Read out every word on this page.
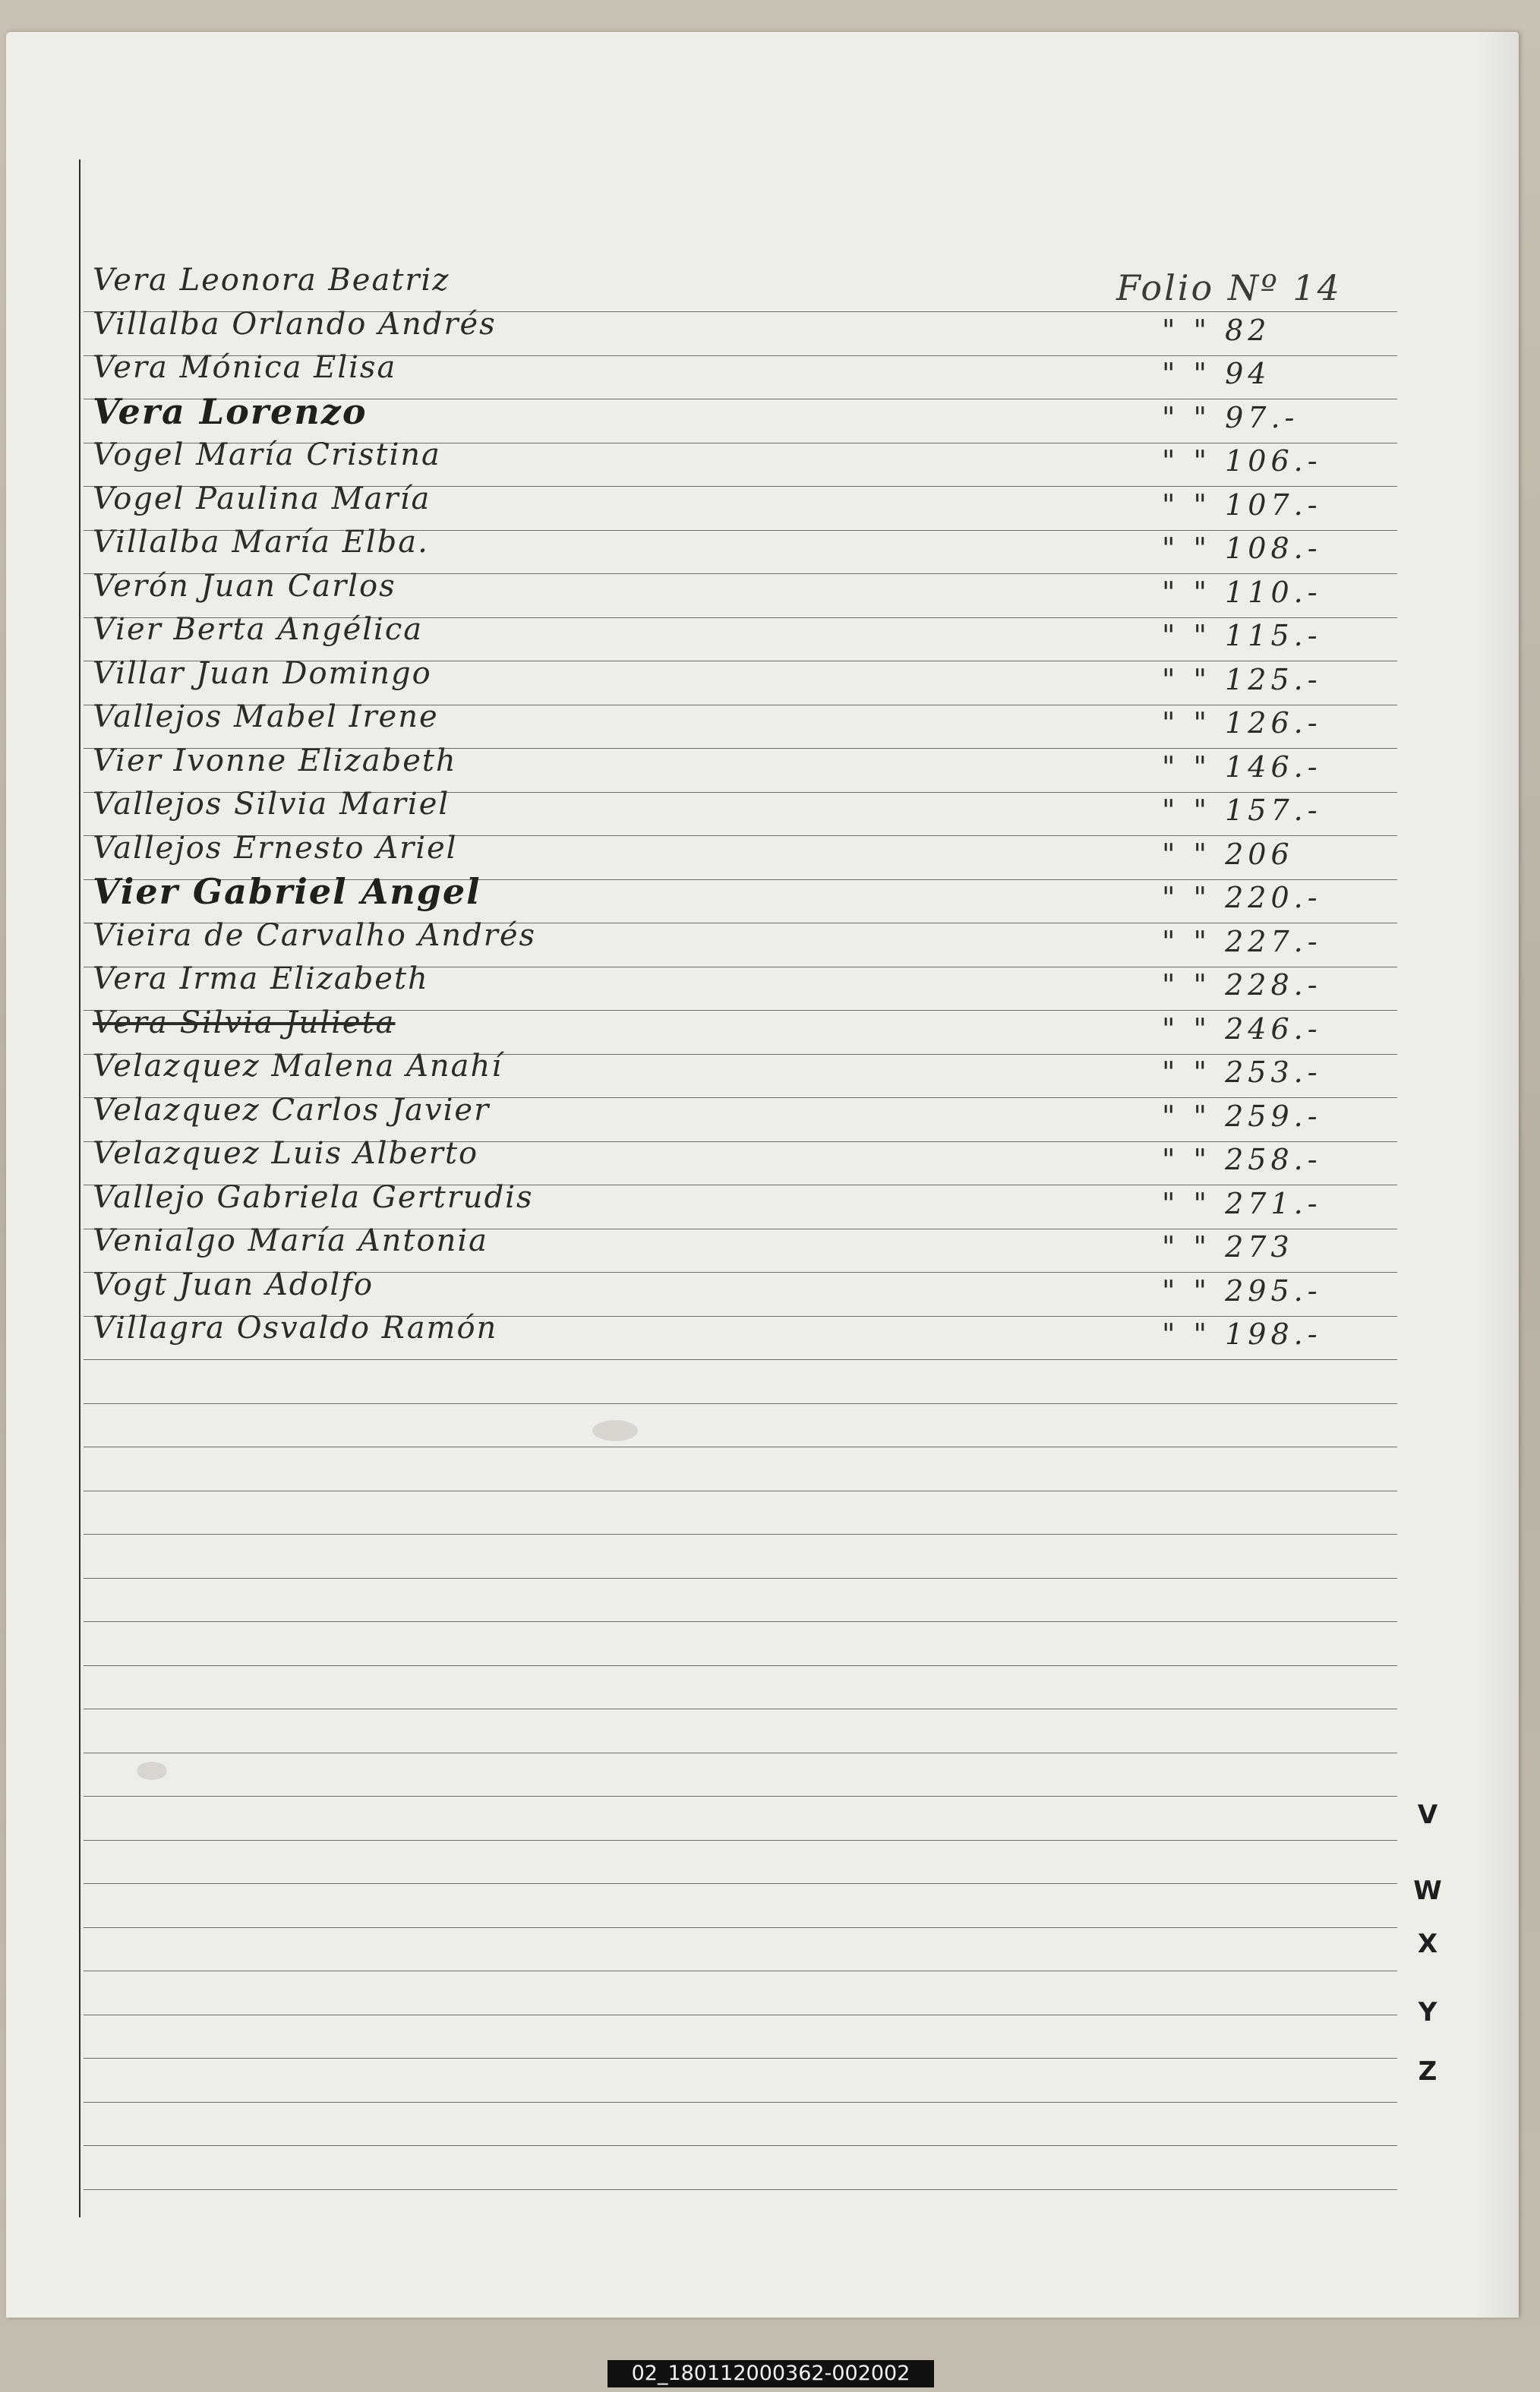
Folio Nº 14
Vera Leonora Beatriz
Villalba Orlando Andrés	" " 82
Vera Mónica Elisa	" " 94
Vera Lorenzo	" " 97.-
Vogel María Cristina	" " 106.-
Vogel Paulina María	" " 107.-
Villalba María Elba.	" " 108.-
Verón Juan Carlos	" " 110.-
Vier Berta Angélica	" " 115.-
Villar Juan Domingo	" " 125.-
Vallejos Mabel Irene	" " 126.-
Vier Ivonne Elizabeth	" " 146.-
Vallejos Silvia Mariel	" " 157.-
Vallejos Ernesto Ariel	" " 206
Vier Gabriel Angel	" " 220.-
Vieira de Carvalho Andrés	" " 227.-
Vera Irma Elizabeth	" " 228.-
Vera Silvia Julieta	" " 246.-
Velazquez Malena Anahí	" " 253.-
Velazquez Carlos Javier	" " 259.-
Velazquez Luis Alberto	" " 258.-
Vallejo Gabriela Gertrudis	" " 271.-
Venialgo María Antonia	" " 273
Vogt Juan Adolfo	" " 295.-
Villagra Osvaldo Ramón	" " 198.-
V
W
X
Y
Z
02_180112000362-002002
